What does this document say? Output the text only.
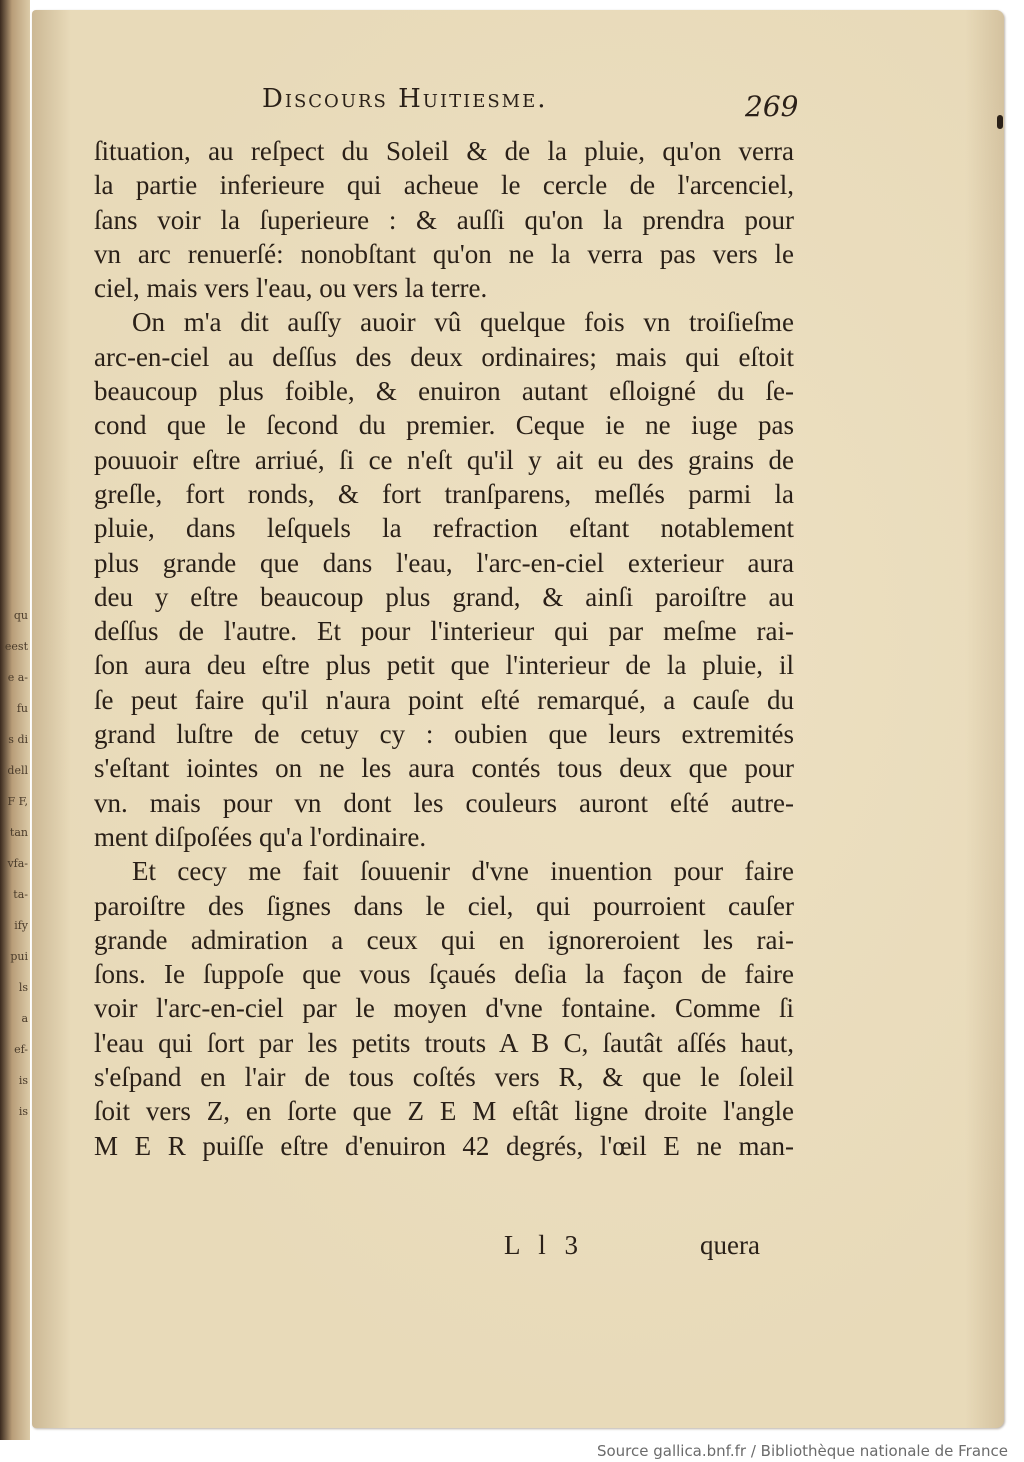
qu
eest
e a-
fu
s di
dell
F F,
tan
vfa-
ta-
ify
pui
ls
a
ef-
is
is
Discours Huitiesme.	269
ſituation, au reſpect du Soleil & de la pluie, qu'on verra
la partie inferieure qui acheue le cercle de l'arcenciel,
ſans voir la ſuperieure : & auſſi qu'on la prendra pour
vn arc renuerſé: nonobſtant qu'on ne la verra pas vers le
ciel, mais vers l'eau, ou vers la terre.
On m'a dit auſſy auoir vû quelque fois vn troiſieſme
arc-en-ciel au deſſus des deux ordinaires; mais qui eſtoit
beaucoup plus foible, & enuiron autant eſloigné du ſe-
cond que le ſecond du premier. Ceque ie ne iuge pas
pouuoir eſtre arriué, ſi ce n'eſt qu'il y ait eu des grains de
greſle, fort ronds, & fort tranſparens, meſlés parmi la
pluie, dans leſquels la refraction eſtant notablement
plus grande que dans l'eau, l'arc-en-ciel exterieur aura
deu y eſtre beaucoup plus grand, & ainſi paroiſtre au
deſſus de l'autre. Et pour l'interieur qui par meſme rai-
ſon aura deu eſtre plus petit que l'interieur de la pluie, il
ſe peut faire qu'il n'aura point eſté remarqué, a cauſe du
grand luſtre de cetuy cy : oubien que leurs extremités
s'eſtant iointes on ne les aura contés tous deux que pour
vn. mais pour vn dont les couleurs auront eſté autre-
ment diſpoſées qu'a l'ordinaire.
Et cecy me fait ſouuenir d'vne inuention pour faire
paroiſtre des ſignes dans le ciel, qui pourroient cauſer
grande admiration a ceux qui en ignoreroient les rai-
ſons. Ie ſuppoſe que vous ſçaués deſia la façon de faire
voir l'arc-en-ciel par le moyen d'vne fontaine. Comme ſi
l'eau qui ſort par les petits trouts A B C, ſautât aſſés haut,
s'eſpand en l'air de tous coſtés vers R, & que le ſoleil
ſoit vers Z, en ſorte que Z E M eſtât ligne droite l'angle
M E R puiſſe eſtre d'enuiron 42 degrés, l'œil E ne man-
L l 3	quera
Source gallica.bnf.fr / Bibliothèque nationale de France
